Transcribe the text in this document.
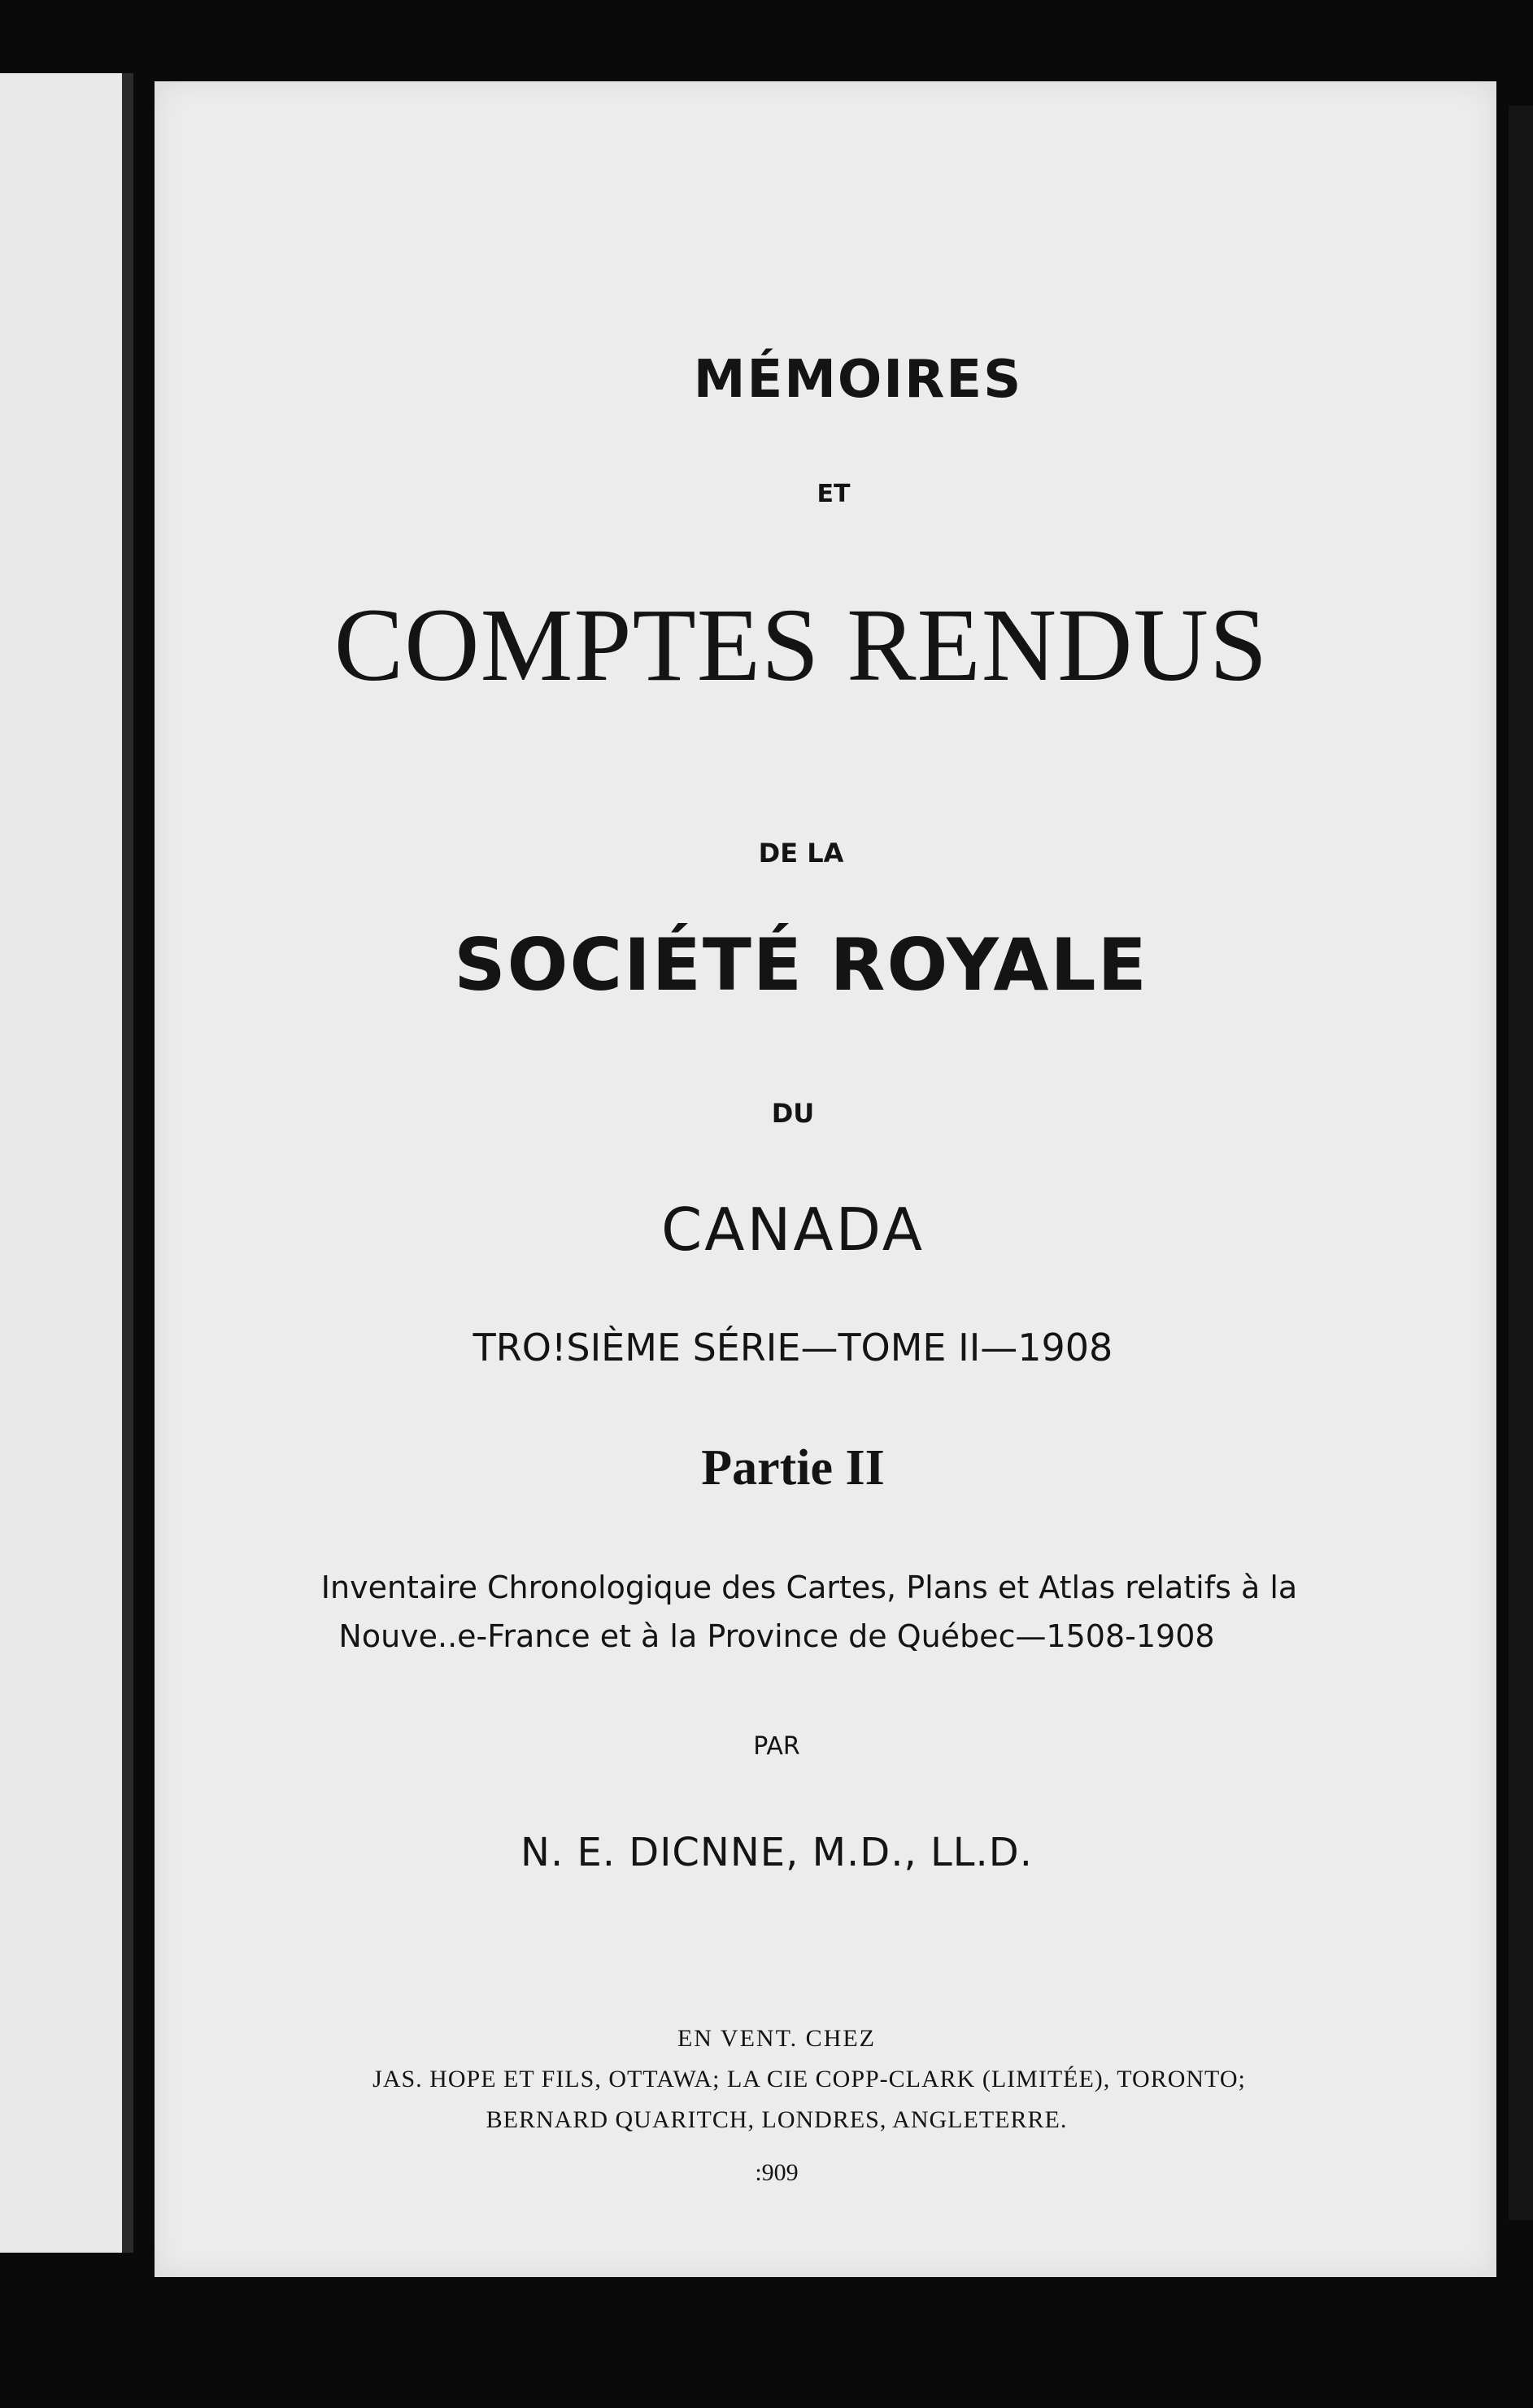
MÉMOIRES
ET
COMPTES RENDUS
DE LA
SOCIÉTÉ ROYALE
DU
CANADA
TRO!SIÈME SÉRIE—TOME II—1908
Partie II
Inventaire Chronologique des Cartes, Plans et Atlas relatifs à la
Nouve..e-France et à la Province de Québec—1508-1908
PAR
N. E. DICNNE, M.D., LL.D.
EN VENT. CHEZ
JAS. HOPE ET FILS, OTTAWA; LA CIE COPP-CLARK (LIMITÉE), TORONTO;
BERNARD QUARITCH, LONDRES, ANGLETERRE.
:909
